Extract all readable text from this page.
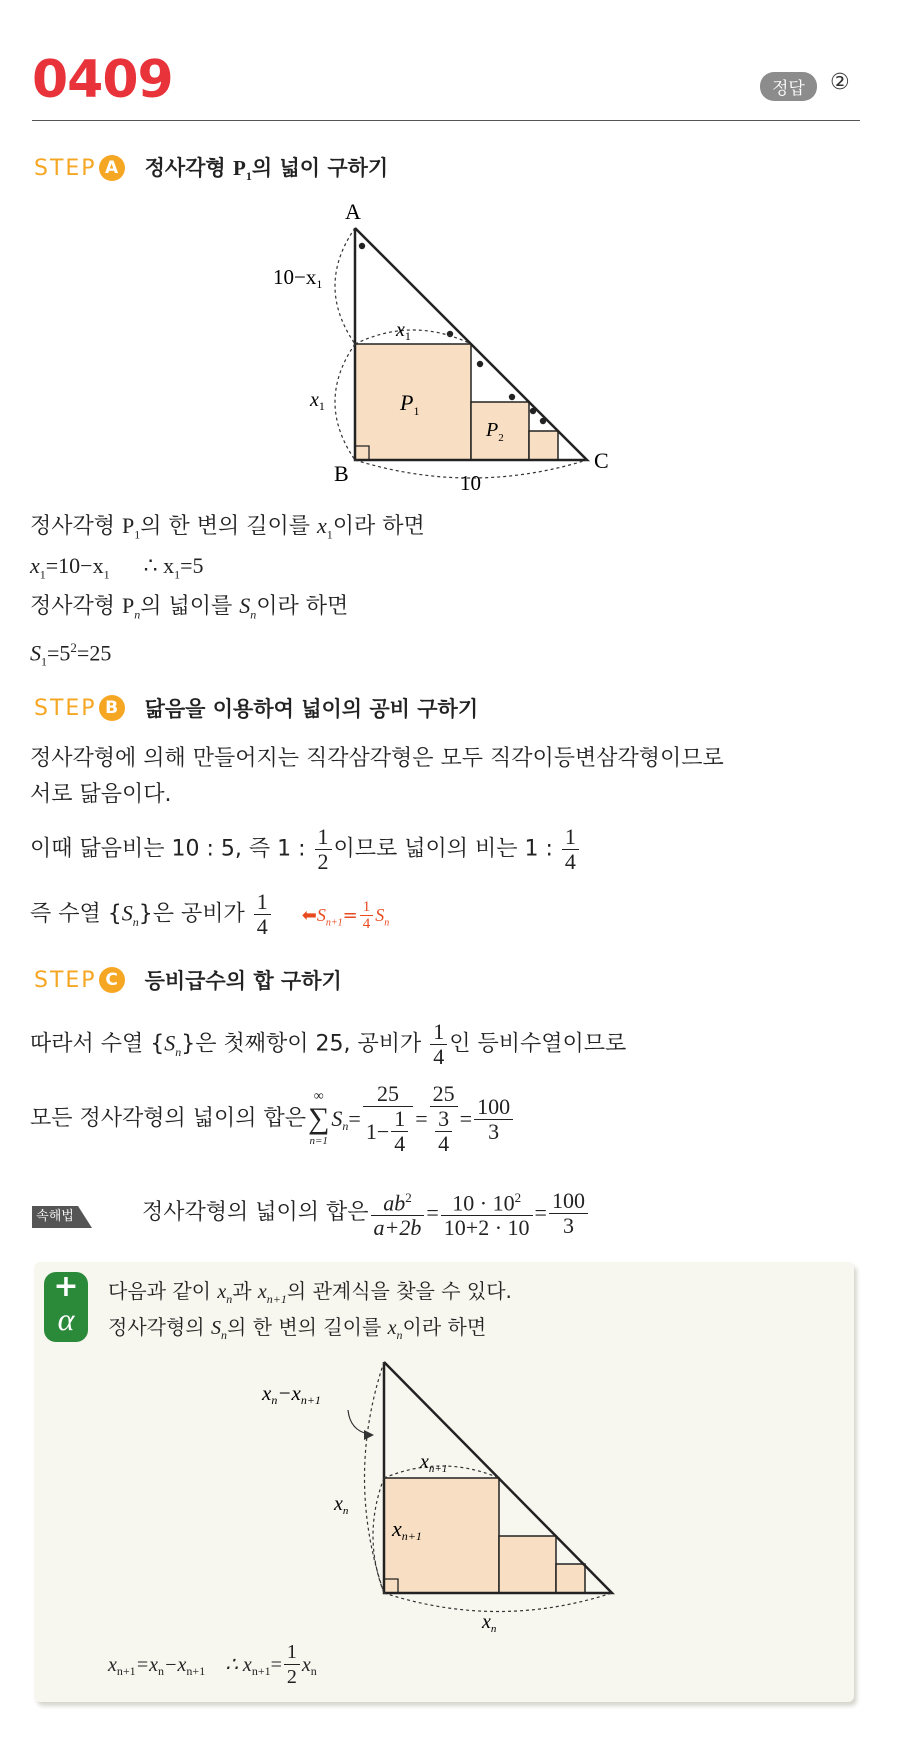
0409	정답	②
STEP A	정사각형 $P_1$의 넓이 구하기
A
B
C
10−x1
$x_1$
$x_1$	$P_1$
$P_2$
10
정사각형 $P_1$의 한 변의 길이를 $x_1$이라 하면
$x_1=10-x_1$ ∴ $x_1=5$
정사각형 $P_n$의 넓이를 $S_n$이라 하면
$S_1=5^2=25$
STEP B	닮음을 이용하여 넓이의 공비 구하기
정사각형에 의해 만들어지는 직각삼각형은 모두 직각이등변삼각형이므로
서로 닮음이다.
이때 닮음비는 10 : 5, 즉 1 : $\frac{1}{2}$ 이므로 넓이의 비는 1 : $\frac{1}{4}$
즉 수열 $\{S_n\}$은 공비가 $\frac{1}{4}$ $⬅S_{n+1}= \frac{1}{4} S_n$
STEP C	등비급수의 합 구하기
따라서 수열 $\{S_n\}$은 첫째항이 25, 공비가 $\frac{1}{4}$ 인 등비수열이므로
모든 정사각형의 넓이의 합은
∞
∑
n=1
$S_n = \frac{25}{1- \frac{1}{4}} = \frac{25}{\frac{3}{4}} = \frac{100}{3}$
속해법	정사각형의 넓이의 합은 $\frac{ab^2}{a+2b} = \frac{10 \cdot 10^2}{10+2 \cdot 10} = \frac{100}{3}$
+
α
다음과 같이 $x_n$과 $x_{n+1}$의 관계식을 찾을 수 있다.
정사각형의 $S_n$의 한 변의 길이를 $x_n$이라 하면
xn−xn+1
$x_{n+1}$
$x_n$
xn+1
$x_n$
$x_{n+1} =x_n -x_{n+1}$ ∴ $x_{n+1} = \frac{1}{2} x_n$
